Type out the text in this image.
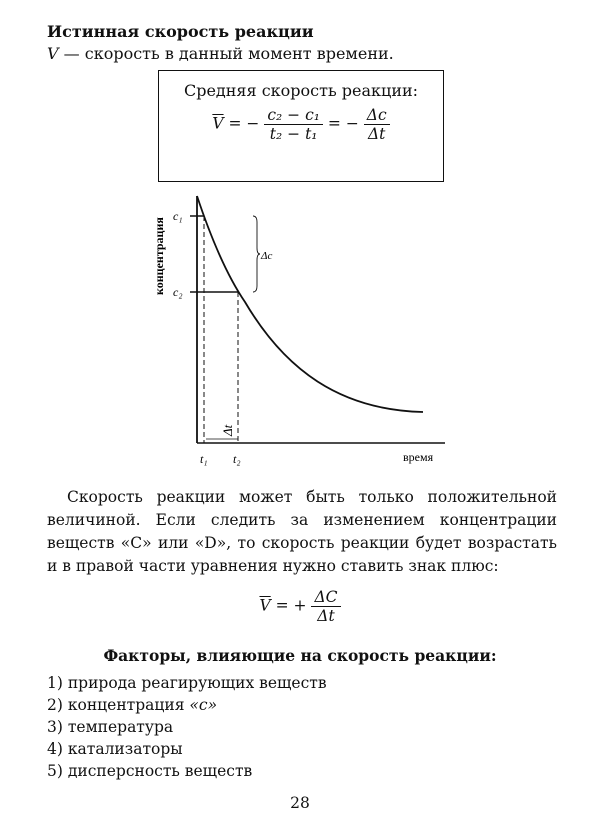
Истинная скорость реакции
V — скорость в данный момент времени.
Средняя скорость реакции:
$\overline{V}$ = − $\frac{\text{c₂ − c₁}}{\text{t₂ − t₁}}$ = − $\frac{\Delta c}{\Delta t}$
концентрация
c₁
c₂
Δc
Δt
t₁ t₂	время
Скорость реакции может быть только положительной величиной. Если следить за изменением концентрации веществ «C» или «D», то скорость реакции будет возрастать и в правой части уравнения нужно ставить знак плюс:
$\overline{V}$ = + $\frac{\Delta C}{\Delta t}$
Факторы, влияющие на скорость реакции:
1) природа реагирующих веществ
2) концентрация «c»
3) температура
4) катализаторы
5) дисперсность веществ
28
